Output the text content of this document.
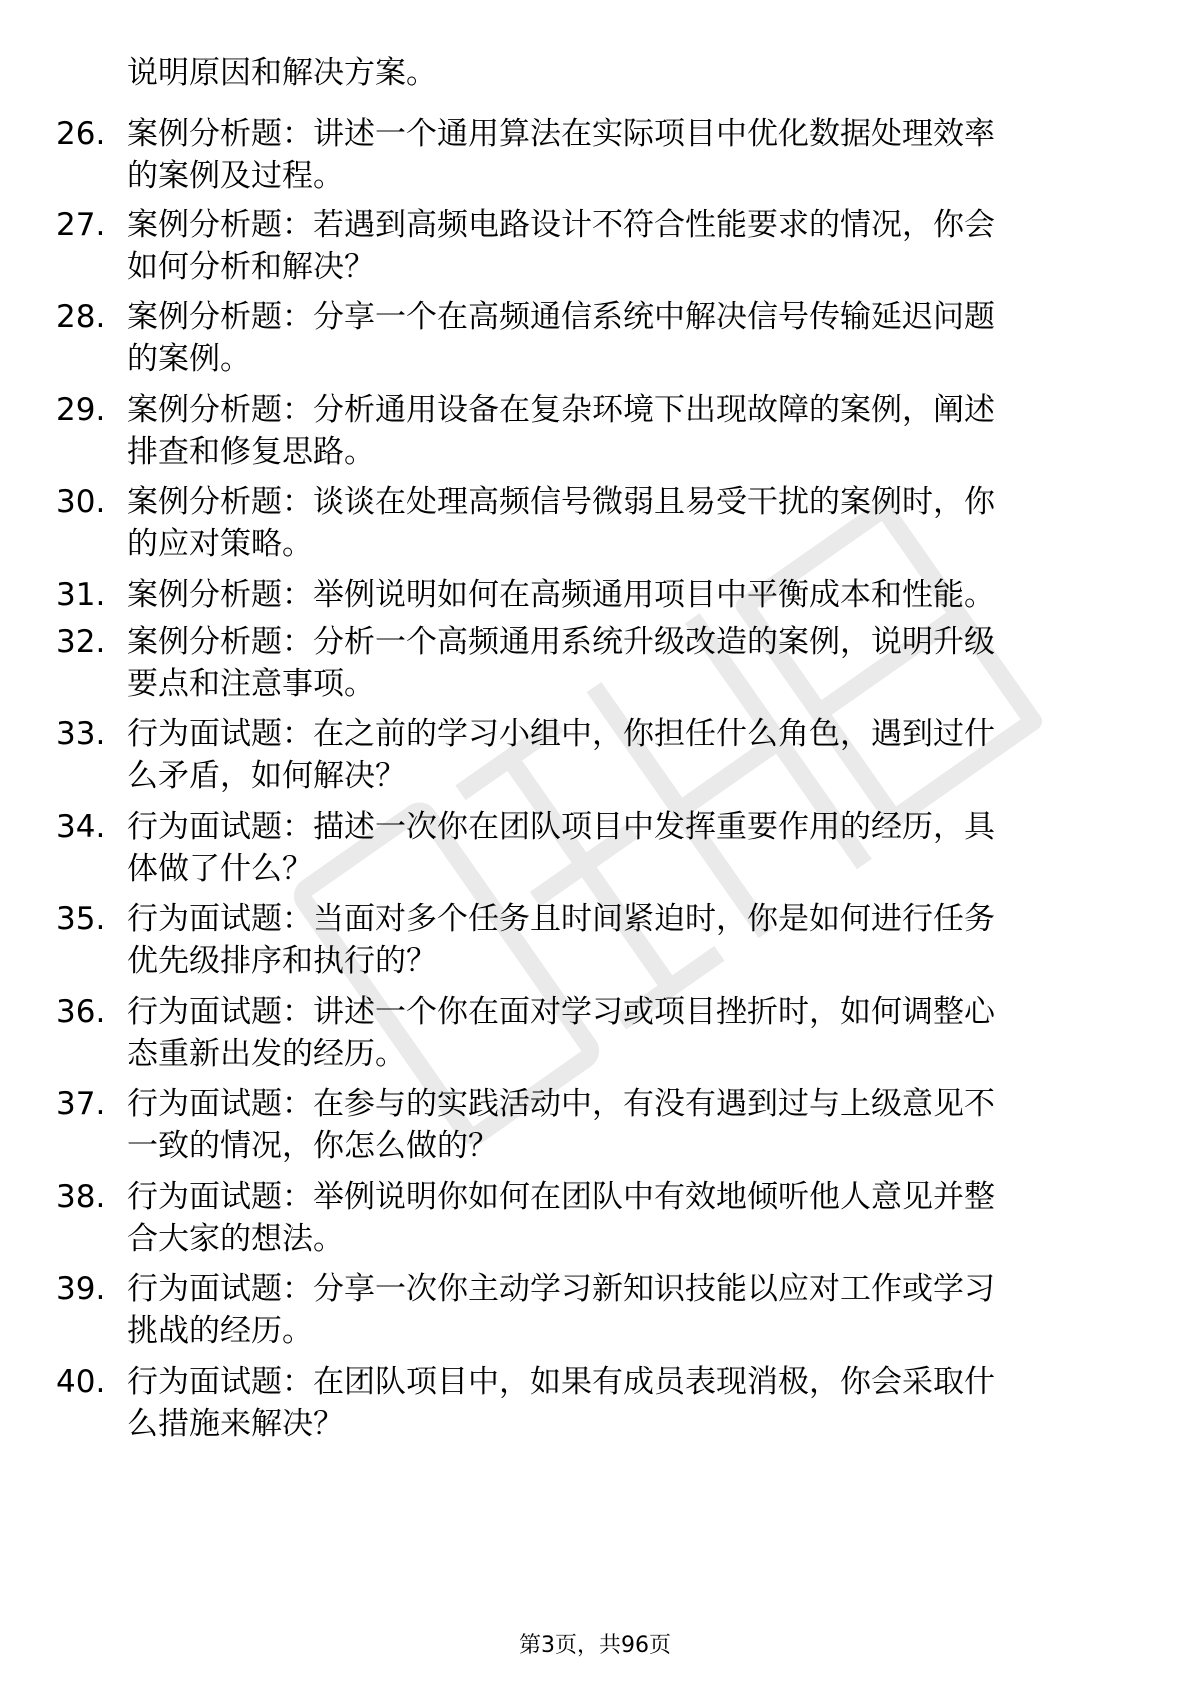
说明原因和解决方案。
26. 案例分析题：讲述一个通用算法在实际项目中优化数据处理效率
的案例及过程。
27. 案例分析题：若遇到高频电路设计不符合性能要求的情况，你会
如何分析和解决？
28. 案例分析题：分享一个在高频通信系统中解决信号传输延迟问题
的案例。
29. 案例分析题：分析通用设备在复杂环境下出现故障的案例，阐述
排查和修复思路。
30. 案例分析题：谈谈在处理高频信号微弱且易受干扰的案例时，你
的应对策略。
31. 案例分析题：举例说明如何在高频通用项目中平衡成本和性能。
32. 案例分析题：分析一个高频通用系统升级改造的案例，说明升级
要点和注意事项。
33. 行为面试题：在之前的学习小组中，你担任什么角色，遇到过什
么矛盾，如何解决？
34. 行为面试题：描述一次你在团队项目中发挥重要作用的经历，具
体做了什么？
35. 行为面试题：当面对多个任务且时间紧迫时，你是如何进行任务
优先级排序和执行的？
36. 行为面试题：讲述一个你在面对学习或项目挫折时，如何调整心
态重新出发的经历。
37. 行为面试题：在参与的实践活动中，有没有遇到过与上级意见不
一致的情况，你怎么做的？
38. 行为面试题：举例说明你如何在团队中有效地倾听他人意见并整
合大家的想法。
39. 行为面试题：分享一次你主动学习新知识技能以应对工作或学习
挑战的经历。
40. 行为面试题：在团队项目中，如果有成员表现消极，你会采取什
么措施来解决？
第3页，共96页
